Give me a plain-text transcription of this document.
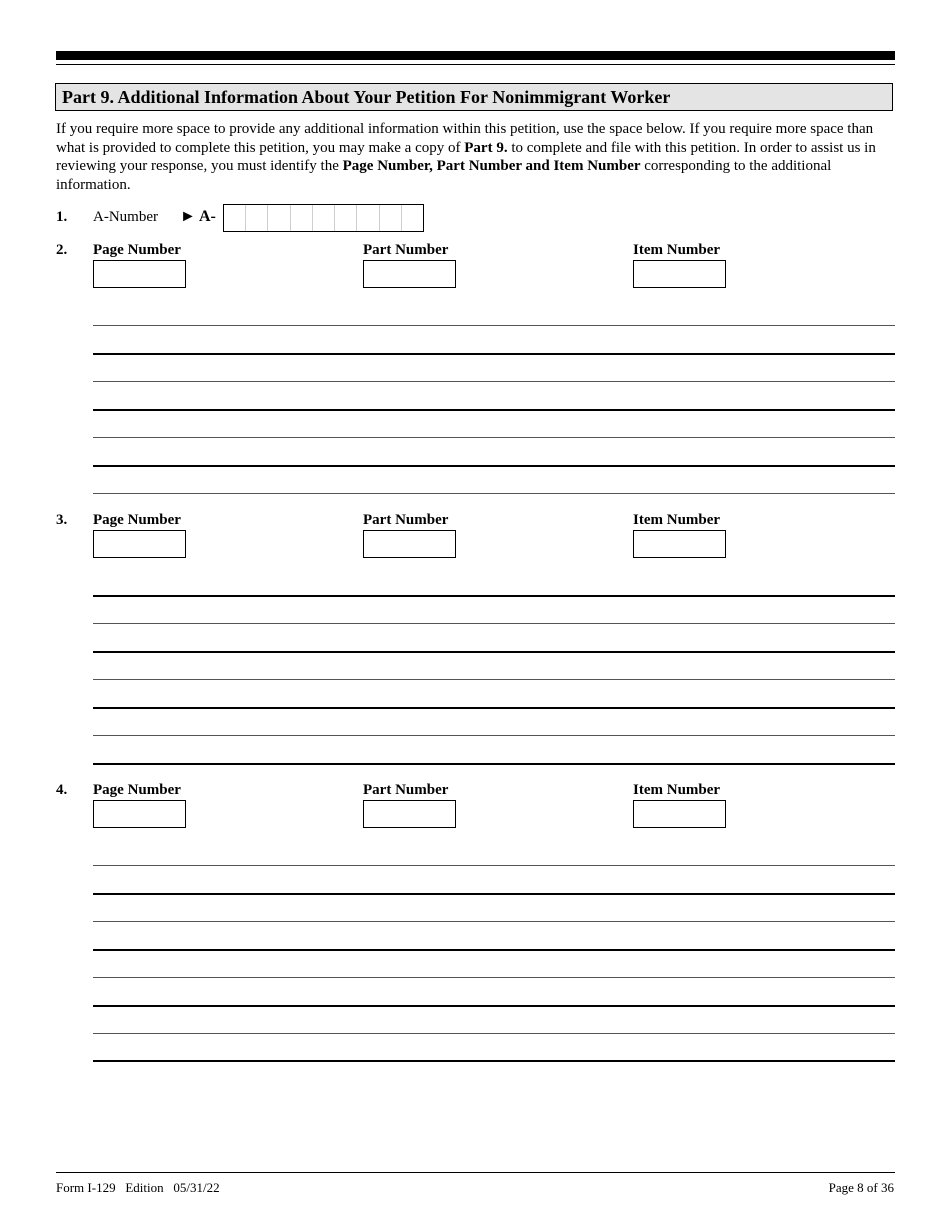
Part 9. Additional Information About Your Petition For Nonimmigrant Worker

If you require more space to provide any additional information within this petition, use the space below. If you require more space than what is provided to complete this petition, you may make a copy of Part 9. to complete and file with this petition. In order to assist us in reviewing your response, you must identify the Page Number, Part Number and Item Number corresponding to the additional information.

1. A-Number ► A-
2. Page Number	Part Number	Item Number
3. Page Number	Part Number	Item Number
4. Page Number	Part Number	Item Number
Form I-129   Edition   05/31/22	Page 8 of 36
